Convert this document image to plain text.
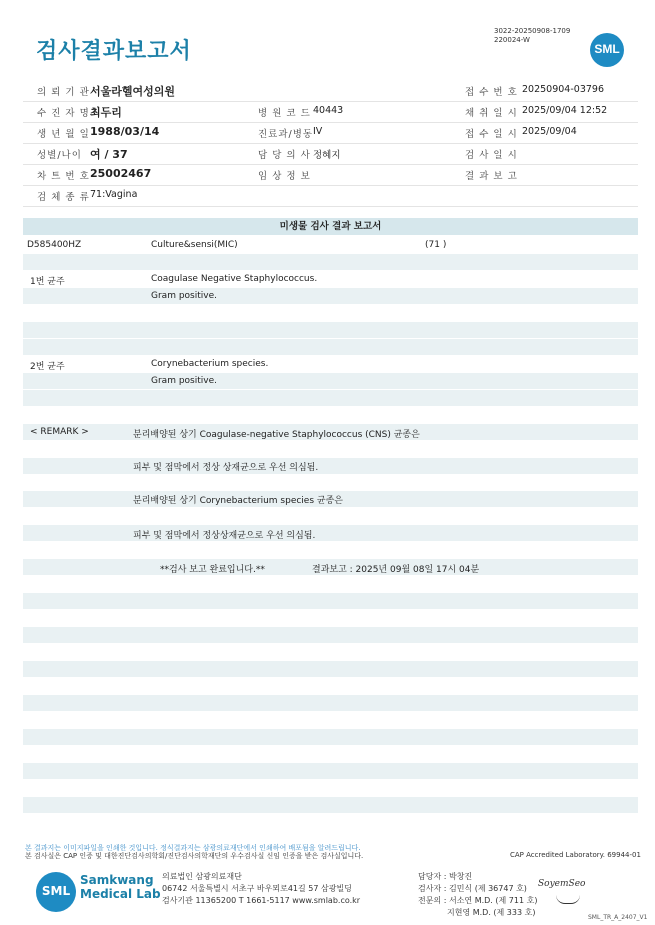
검사결과보고서
3022-20250908-1709
220024-W
SML
의 뢰 기 관 서울라헬여성의원	접 수 번 호 20250904-03796
수 진 자 명 최두리	병 원 코 드 40443	채 취 일 시 2025/09/04 12:52
생 년 월 일 1988/03/14	진료과/병동 IV	접 수 일 시 2025/09/04
성별/나이 여 / 37	담 당 의 사 정혜지	검 사 일 시
차 트 번 호 25002467	임 상 정 보	결 과 보 고
검 체 종 류 71:Vagina
미생물 검사 결과 보고서
D585400HZ	Culture&sensi(MIC)	(71 )
1번 균주	Coagulase Negative Staphylococcus.
Gram positive.
2번 균주	Corynebacterium species.
Gram positive.
< REMARK >	분리배양된 상기 Coagulase-negative Staphylococcus (CNS) 균종은
피부 및 점막에서 정상 상재균으로 우선 의심됨.
분리배양된 상기 Corynebacterium species 균종은
피부 및 점막에서 정상상재균으로 우선 의심됨.
**검사 보고 완료입니다.**	결과보고 : 2025년 09월 08일 17시 04분
본 결과지는 이미지파일을 인쇄한 것입니다. 정식결과지는 삼광의료재단에서 인쇄하여 배포됨을 알려드립니다.
본 검사실은 CAP 인증 및 대한진단검사의학회/진단검사의학재단의 우수검사실 신임 인증을 받은 검사실입니다.	CAP Accredited Laboratory. 69944-01
SML
Samkwang
Medical Lab
의료법인 삼광의료재단
06742 서울특별시 서초구 바우뫼로41길 57 삼광빌딩
검사기관 11365200 T 1661-5117 www.smlab.co.kr
담당자 : 박창진
검사자 : 김민식 (제 36747 호)
전문의 : 서소연 M.D. (제 711 호)
지현영 M.D. (제 333 호)
SoyemSeo
SML_TR_A_2407_V1
